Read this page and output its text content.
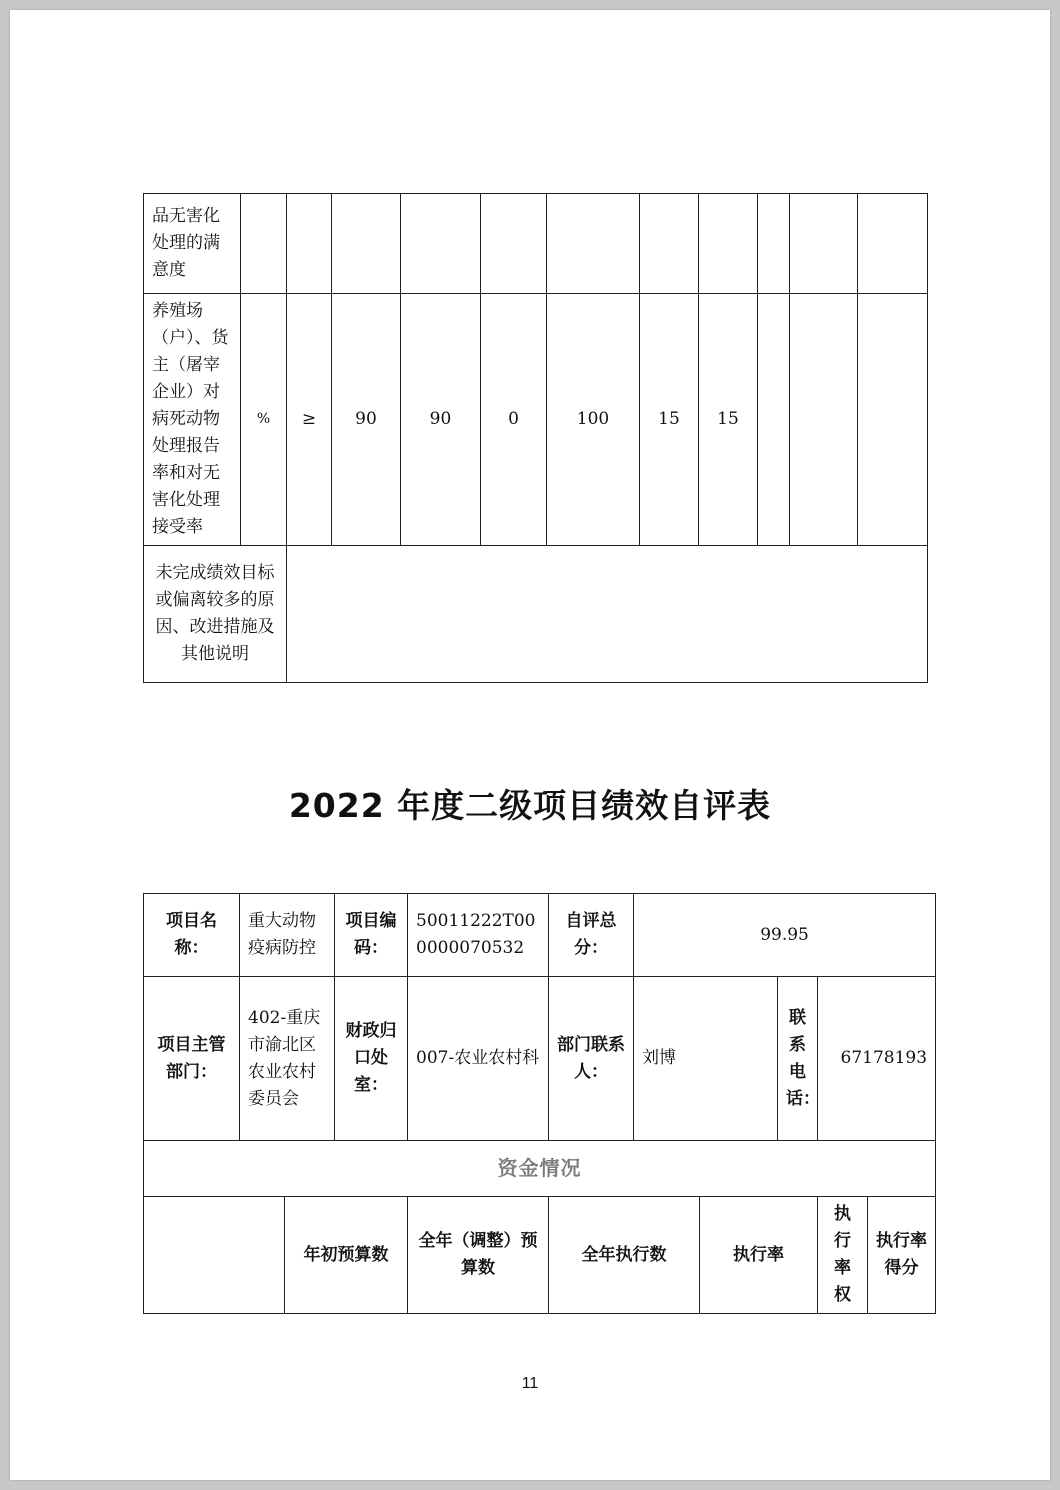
品无害化处理的满意度											
养殖场（户）、货主（屠宰企业）对病死动物处理报告率和对无害化处理接受率	%	≥	90	90	0	100	15	15			
未完成绩效目标或偏离较多的原因、改进措施及其他说明											
2022 年度二级项目绩效自评表
项目名称：	重大动物疫病防控		项目编码：	50011222T000000070532	自评总分：	99.95				
项目主管部门：	402-重庆市渝北区农业农村委员会		财政归口处室：	007-农业农村科	部门联系人：	刘博		联系电话：	67178193	
资金情况										
		年初预算数		全年（调整）预算数	全年执行数		执行率		执行率权	执行率得分
11
